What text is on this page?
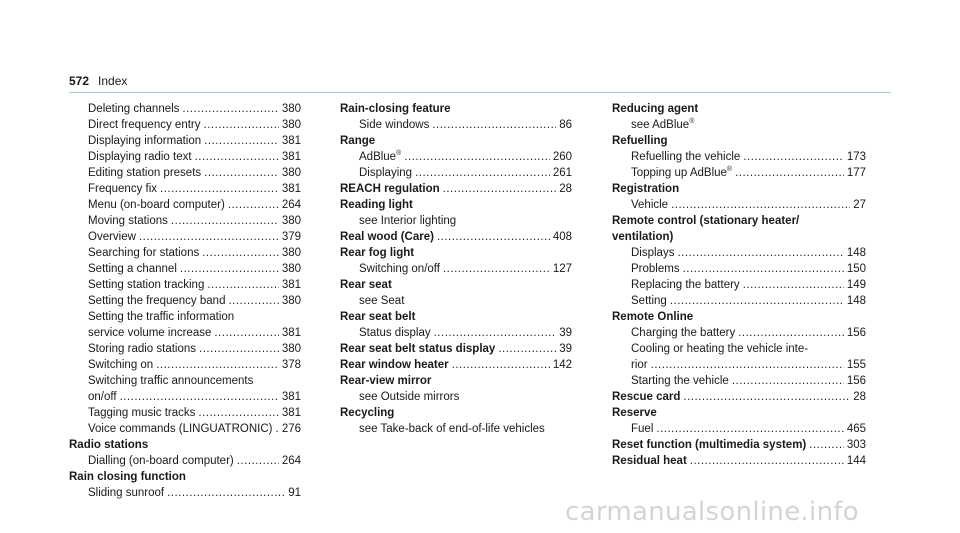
572 Index
Deleting channels .....	380
Direct frequency entry .....	380
Displaying information .....	381
Displaying radio text .....	381
Editing station presets .....	380
Frequency fix .....	381
Menu (on-board computer) .....	264
Moving stations .....	380
Overview .....	379
Searching for stations .....	380
Setting a channel .....	380
Setting station tracking .....	381
Setting the frequency band .....	380
Setting the traffic information
service volume increase .....	381
Storing radio stations .....	380
Switching on .....	378
Switching traffic announcements
on/off .....	381
Tagging music tracks .....	381
Voice commands (LINGUATRONIC) ..... 276
Radio stations
Dialling (on-board computer) .....	264
Rain closing function
Sliding sunroof .....	91
Rain-closing feature
Side windows .....	86
Range
AdBlue® .....	260
Displaying .....	261
REACH regulation .....	28
Reading light
see Interior lighting
Real wood (Care) .....	408
Rear fog light
Switching on/off .....	127
Rear seat
see Seat
Rear seat belt
Status display .....	39
Rear seat belt status display .....	39
Rear window heater .....	142
Rear-view mirror
see Outside mirrors
Recycling
see Take-back of end-of-life vehicles
Reducing agent
see AdBlue®
Refuelling
Refuelling the vehicle .....	173
Topping up AdBlue® .....	177
Registration
Vehicle .....	27
Remote control (stationary heater/
ventilation)
Displays .....	148
Problems .....	150
Replacing the battery .....	149
Setting .....	148
Remote Online
Charging the battery .....	156
Cooling or heating the vehicle inte-
rior .....	155
Starting the vehicle .....	156
Rescue card .....	28
Reserve
Fuel .....	465
Reset function (multimedia system) .....	303
Residual heat .....	144
carmanualsonline.info
